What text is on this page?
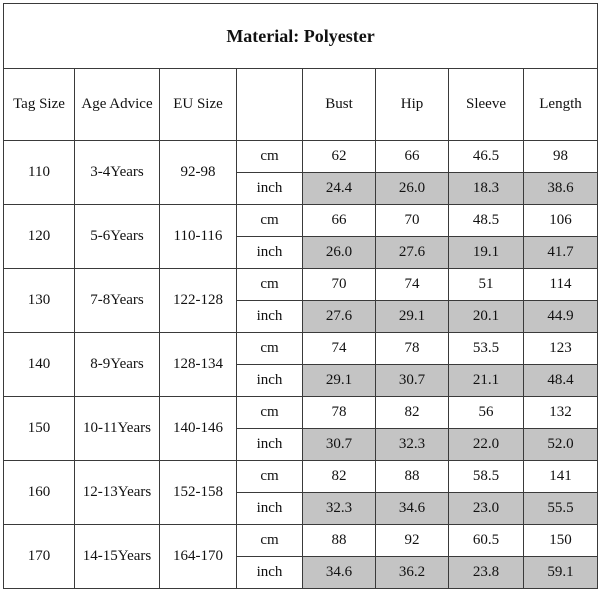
Material: Polyester							
Tag Size	Age Advice	EU Size		Bust	Hip	Sleeve	Length
110	3-4Years	92-98	cm	62	66	46.5	98
			inch	24.4	26.0	18.3	38.6
120	5-6Years	110-116	cm	66	70	48.5	106
			inch	26.0	27.6	19.1	41.7
130	7-8Years	122-128	cm	70	74	51	114
			inch	27.6	29.1	20.1	44.9
140	8-9Years	128-134	cm	74	78	53.5	123
			inch	29.1	30.7	21.1	48.4
150	10-11Years	140-146	cm	78	82	56	132
			inch	30.7	32.3	22.0	52.0
160	12-13Years	152-158	cm	82	88	58.5	141
			inch	32.3	34.6	23.0	55.5
170	14-15Years	164-170	cm	88	92	60.5	150
			inch	34.6	36.2	23.8	59.1
